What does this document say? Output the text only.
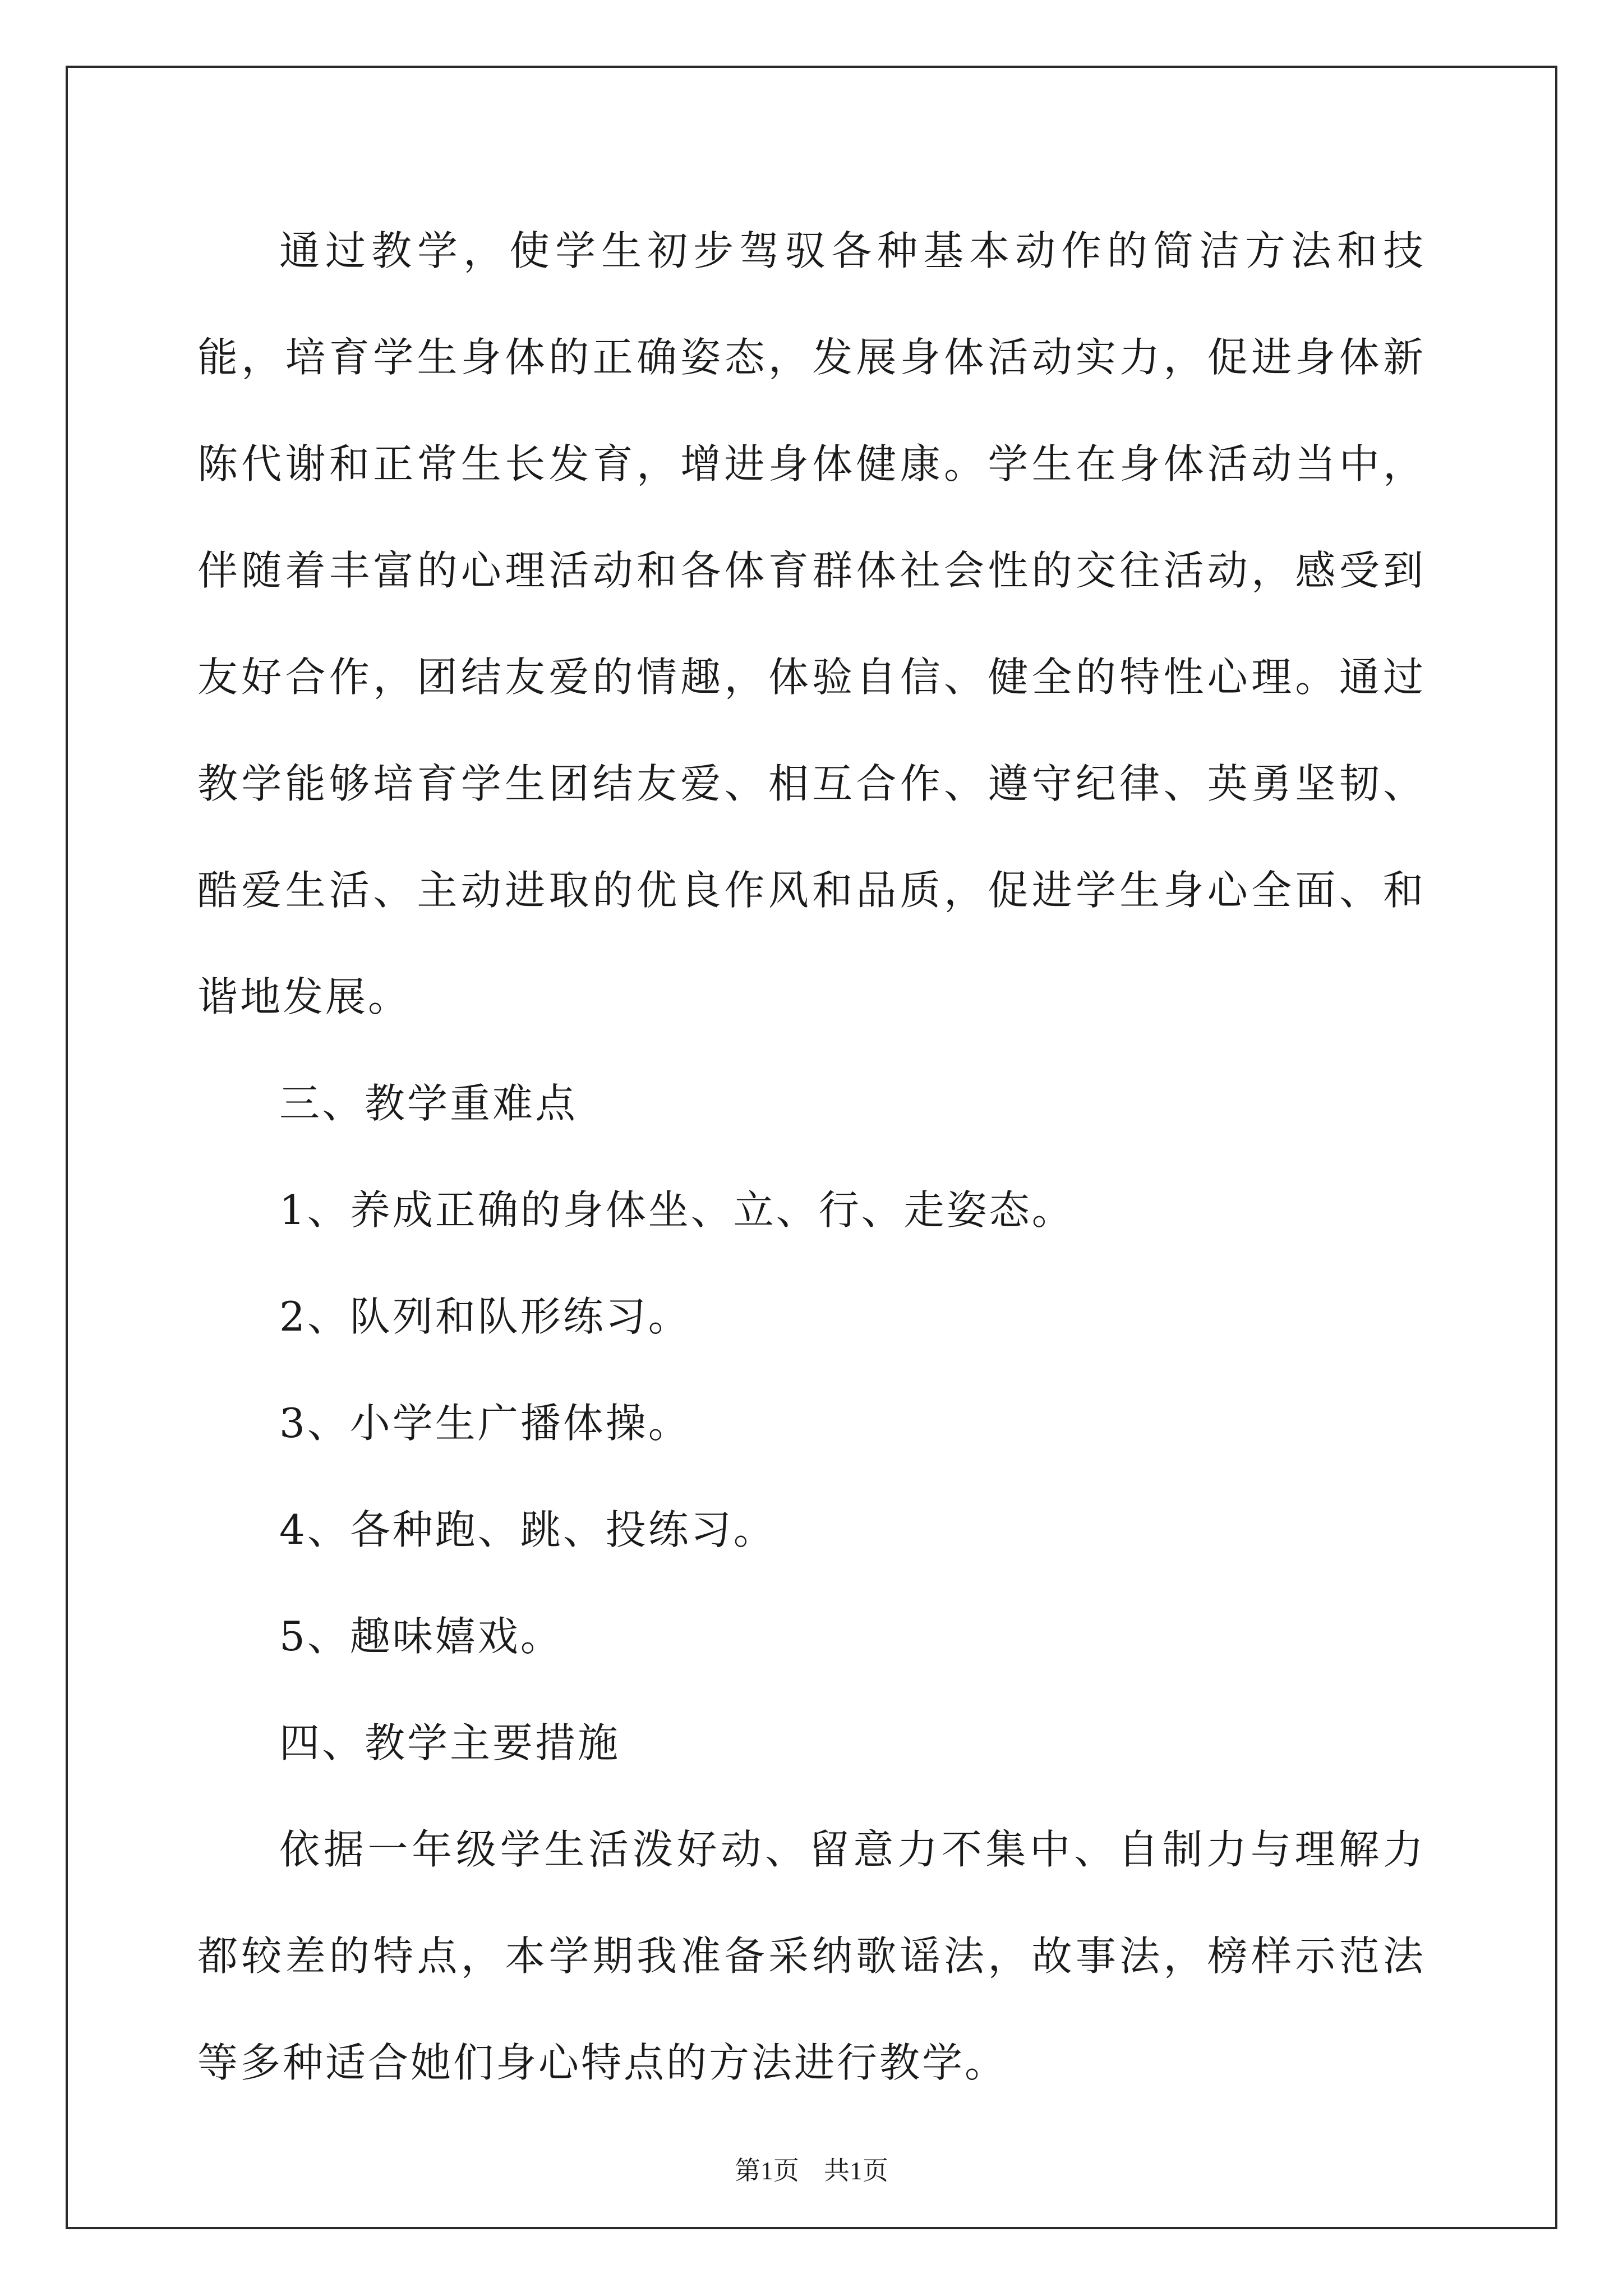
通过教学，使学生初步驾驭各种基本动作的简洁方法和技能，培育学生身体的正确姿态，发展身体活动实力，促进身体新陈代谢和正常生长发育，增进身体健康。学生在身体活动当中，伴随着丰富的心理活动和各体育群体社会性的交往活动，感受到友好合作，团结友爱的情趣，体验自信、健全的特性心理。通过教学能够培育学生团结友爱、相互合作、遵守纪律、英勇坚韧、酷爱生活、主动进取的优良作风和品质，促进学生身心全面、和谐地发展。

三、教学重难点

1、养成正确的身体坐、立、行、走姿态。

2、队列和队形练习。

3、小学生广播体操。

4、各种跑、跳、投练习。

5、趣味嬉戏。

四、教学主要措施

依据一年级学生活泼好动、留意力不集中、自制力与理解力都较差的特点，本学期我准备采纳歌谣法，故事法，榜样示范法等多种适合她们身心特点的方法进行教学。

第1页 共1页
